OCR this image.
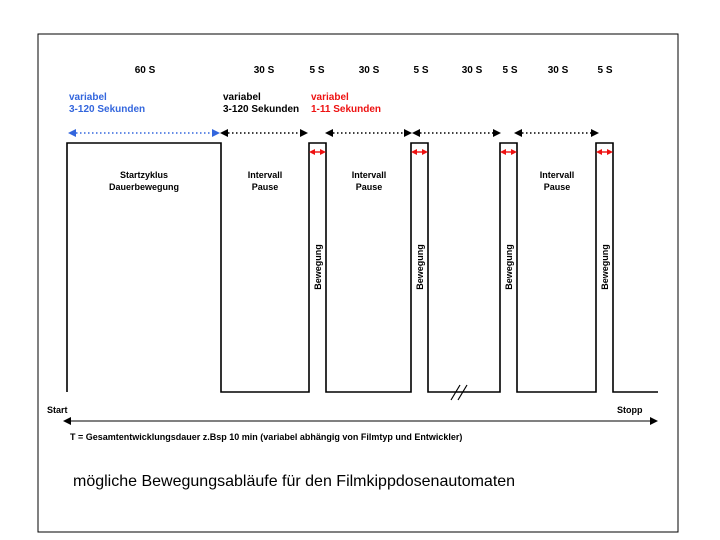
60 S	30 S	5 S	30 S	5 S	30 S 5 S	30 S	5 S
variabel
3-120 Sekunden
variabel
3-120 Sekunden
variabel
1-11 Sekunden
Startzyklus
Dauerbewegung
Intervall
Pause
Intervall
Pause
Intervall
Pause
Bewegung	Bewegung	Bewegung	Bewegung
Start	Stopp
T = Gesamtentwicklungsdauer z.Bsp 10 min (variabel abhängig von Filmtyp und Entwickler)
mögliche Bewegungsabläufe für den Filmkippdosenautomaten
